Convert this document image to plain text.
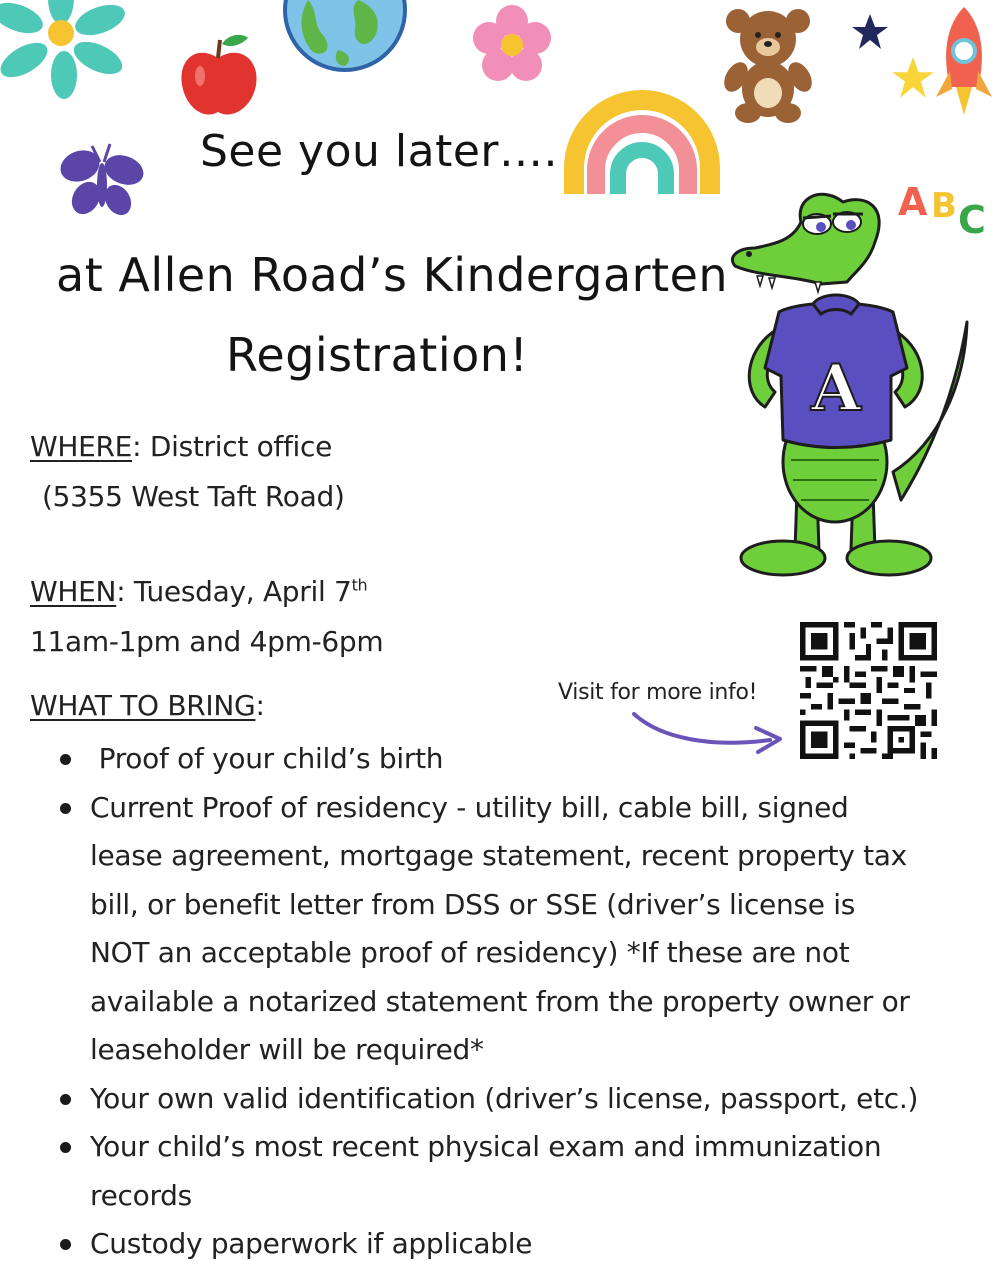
A B C
A
See you later….
at Allen Road’s Kindergarten
Registration!
WHERE: District office
(5355 West Taft Road)
WHEN: Tuesday, April 7th
11am-1pm and 4pm-6pm
WHAT TO BRING:	Visit for more info!
Proof of your child’s birth
Current Proof of residency - utility bill, cable bill, signed lease agreement, mortgage statement, recent property tax bill, or benefit letter from DSS or SSE (driver’s license is NOT an acceptable proof of residency) *If these are not available a notarized statement from the property owner or leaseholder will be required*
Your own valid identification (driver’s license, passport, etc.)
Your child’s most recent physical exam and immunization records
Custody paperwork if applicable
